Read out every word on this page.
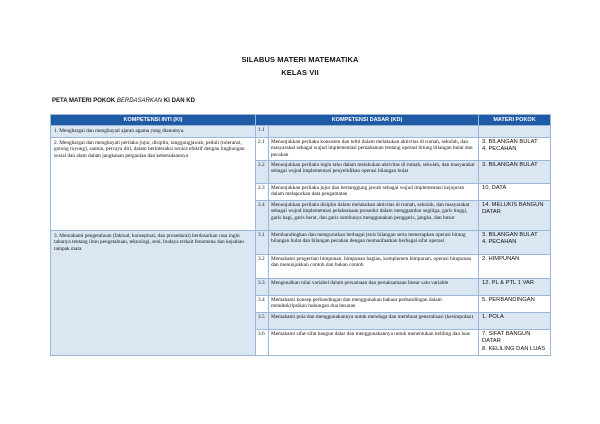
SILABUS MATERI MATEMATIKA
KELAS VII
PETA MATERI POKOK BERDASARKAN KI DAN KD
KOMPETENSI INTI (KI)	KOMPETENSI DASAR (KD)		MATERI POKOK
1. Menghargai dan menghayati ajaran agama yang dianutnya.	1.1		
2. Menghargai dan menghayati perilaku jujur, disiplin, tanggungjawab, peduli (toleransi, gotong royong), santun, percaya diri, dalam berinteraksi secara efektif dengan lingkungan sosial dan alam dalam jangkauan pergaulan dan keberadaannya	2.1	Menunjukkan perilaku konsisten dan teliti dalam melakukan aktivitas di rumah, sekolah, dan masyarakat sebagai wujud implementasi pemahaman tentang operasi hitung bilangan bulat dan pecahan	3. BILANGAN BULAT
4. PECAHAN

	2.2	Menunjukkan perilaku ingin tahu dalam melakukan aktivitas di rumah, sekolah, dan masyarakat sebagai wujud implementasi penyelidikan operasi bilangan bulat	3. BILANGAN BULAT

	2.3	Menunjukkan perilaku jujur dan bertanggung jawab sebagai wujud implementasi kejujuran dalam melaporkan data pengamatan	10. DATA

	2.4	Menunjukkan perilaku disiplin dalam melakukan aktivitas di rumah, sekolah, dan masyarakat sebagai wujud implementasi pelaksanaan prosedur dalam menggambar segitiga, garis tinggi, garis bagi, garis berat, dan garis sumbunya menggunakan penggaris, jangka, dan busur	14. MELUKIS BANGUN
DATAR

3. Memahami pengetahuan (faktual, konseptual, dan prosedural) berdasarkan rasa ingin tahunya tentang ilmu pengetahuan, teknologi, seni, budaya terkait fenomena dan kejadian tampak mata.	3.1	Membandingkan dan mengurutkan berbagai jenis bilangan serta menerapkan operasi hitung bilangan bulat dan bilangan pecahan dengan memanfaatkan berbagai sifat operasi	3. BILANGAN BULAT
4. PECAHAN

	3.2	Memahami pengertian himpunan, himpunan bagian, komplemen himpunan, operasi himpunan dan menunjukkan contoh dan bukan contoh	2. HIMPUNAN

	3.3	Mengenalkan nilai variabel dalam persamaan dan pertaksamaan linear satu variable	12. PL & PTL 1 VAR

	3.4	Memahami konsep perbandingan dan menggunakan bahasa perbandingan dalam mendeskripsikan hubungan dua besaran	5. PERBANDINGAN

	3.5	Memahami pola dan menggunakannya untuk menduga dan membuat generalisasi (kesimpulan)	1. POLA

	3.6	Memahami sifat-sifat bangun datar dan menggunakannya untuk menentukan keliling dan luas	7. SIFAT BANGUN
DATAR
8. KELILING DAN LUAS
